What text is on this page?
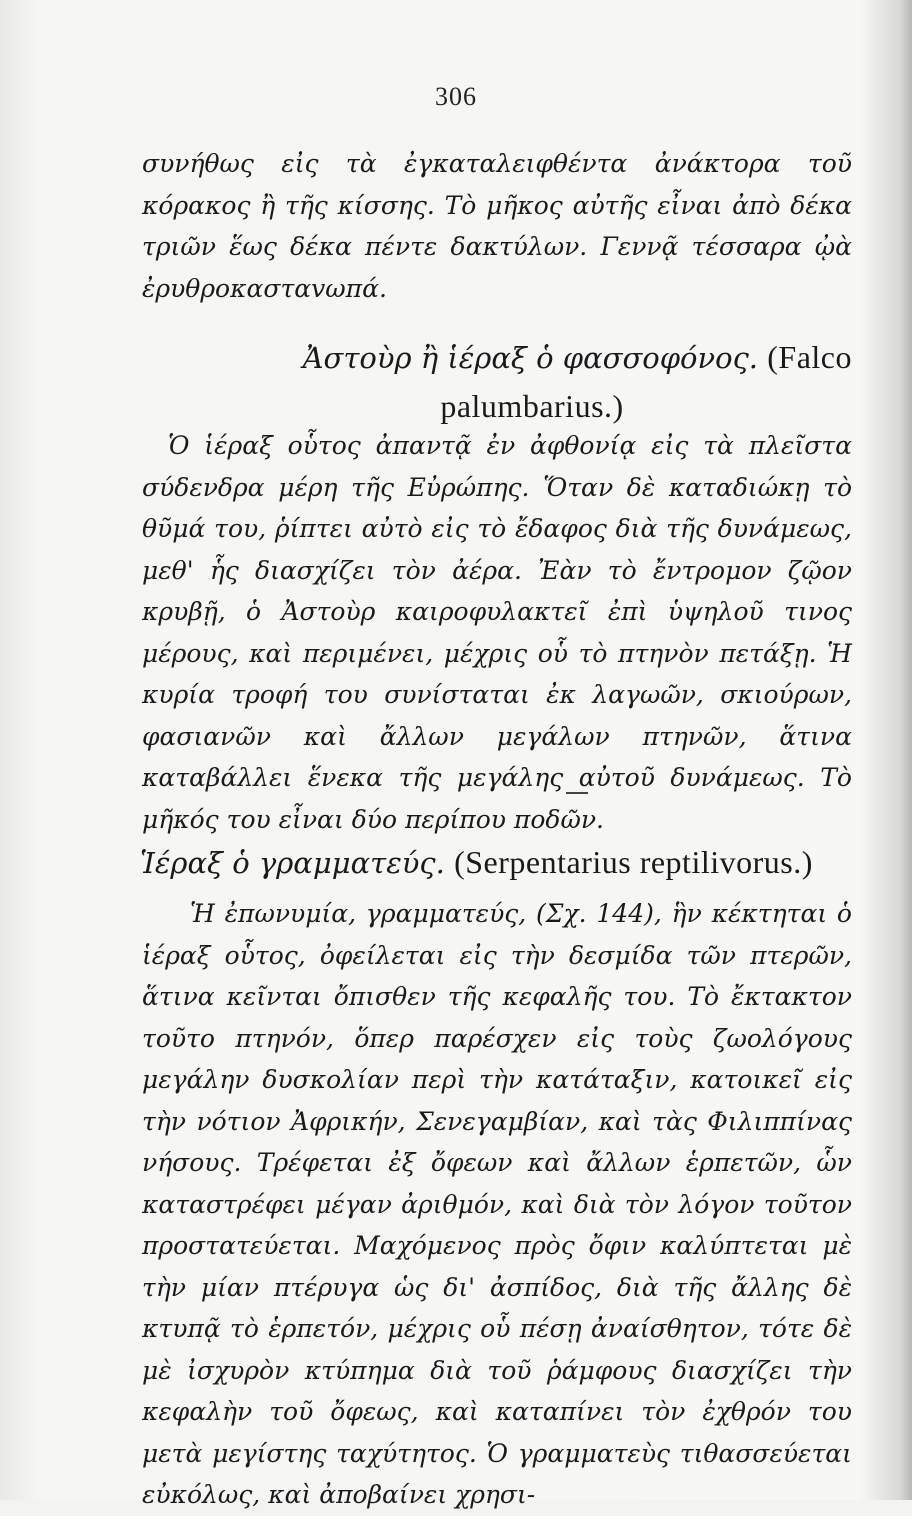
306

συνήθως εἰς τὰ ἐγκαταλειφθέντα ἀνάκτορα τοῦ κόρακος ἢ τῆς κίσσης. Τὸ μῆκος αὐτῆς εἶναι ἀπὸ δέκα τριῶν ἕως δέκα πέντε δακτύλων. Γεννᾷ τέσσαρα ᾠὰ ἐρυθροκασταvωπά.

Ἀστοὺρ ἢ ἱέραξ ὁ φασσοφόνος. (Falco
palumbarius.)

Ὁ ἱέραξ οὗτος ἀπαντᾷ ἐν ἀφθονίᾳ εἰς τὰ πλεῖστα σύδενδρα μέρη τῆς Εὐρώπης. Ὅταν δὲ καταδιώκῃ τὸ θῦμά του, ῥίπτει αὐτὸ εἰς τὸ ἔδαφος διὰ τῆς δυνάμεως, μεθ' ἧς διασχίζει τὸν ἀέρα. Ἐὰν τὸ ἔντρομον ζῷον κρυβῇ, ὁ Ἀστοὺρ καιροφυλακτεῖ ἐπὶ ὑψηλοῦ τινος μέρους, καὶ περιμένει, μέχρις οὗ τὸ πτηνὸν πετάξῃ. Ἡ κυρία τροφή του συνίσταται ἐκ λαγωῶν, σκιούρων, φασιανῶν καὶ ἄλλων μεγάλων πτηνῶν, ἅτινα καταβάλλει ἕνεκα τῆς μεγάλης αὐτοῦ δυνάμεως. Τὸ μῆκός του εἶναι δύο περίπου ποδῶν.

Ἱέραξ ὁ γραμματεύς. (Serpentarius reptilivorus.)

Ἡ ἐπωνυμία, γραμματεύς, (Σχ. 144), ἣν κέκτηται ὁ ἱέραξ οὗτος, ὀφείλεται εἰς τὴν δεσμίδα τῶν πτερῶν, ἅτινα κεῖνται ὄπισθεν τῆς κεφαλῆς του. Τὸ ἔκτακτον τοῦτο πτηνόν, ὅπερ παρέσχεν εἰς τοὺς ζωολόγους μεγάλην δυσκολίαν περὶ τὴν κατάταξιν, κατοικεῖ εἰς τὴν νότιον Ἀφρικήν, Σενεγαμβίαν, καὶ τὰς Φιλιππίνας νήσους. Τρέφεται ἐξ ὄφεων καὶ ἄλλων ἑρπετῶν, ὧν καταστρέφει μέγαν ἀριθμόν, καὶ διὰ τὸν λόγον τοῦτον προστατεύεται. Μαχόμενος πρὸς ὄφιν καλύπτεται μὲ τὴν μίαν πτέρυγα ὡς δι' ἀσπίδος, διὰ τῆς ἄλλης δὲ κτυπᾷ τὸ ἑρπετόν, μέχρις οὗ πέσῃ ἀναίσθητον, τότε δὲ μὲ ἰσχυρὸν κτύπημα διὰ τοῦ ῥάμφους διασχίζει τὴν κεφαλὴν τοῦ ὄφεως, καὶ καταπίνει τὸν ἐχθρόν του μετὰ μεγίστης ταχύτητος. Ὁ γραμματεὺς τιθασσεύεται εὐκόλως, καὶ ἀποβαίνει χρησι-
